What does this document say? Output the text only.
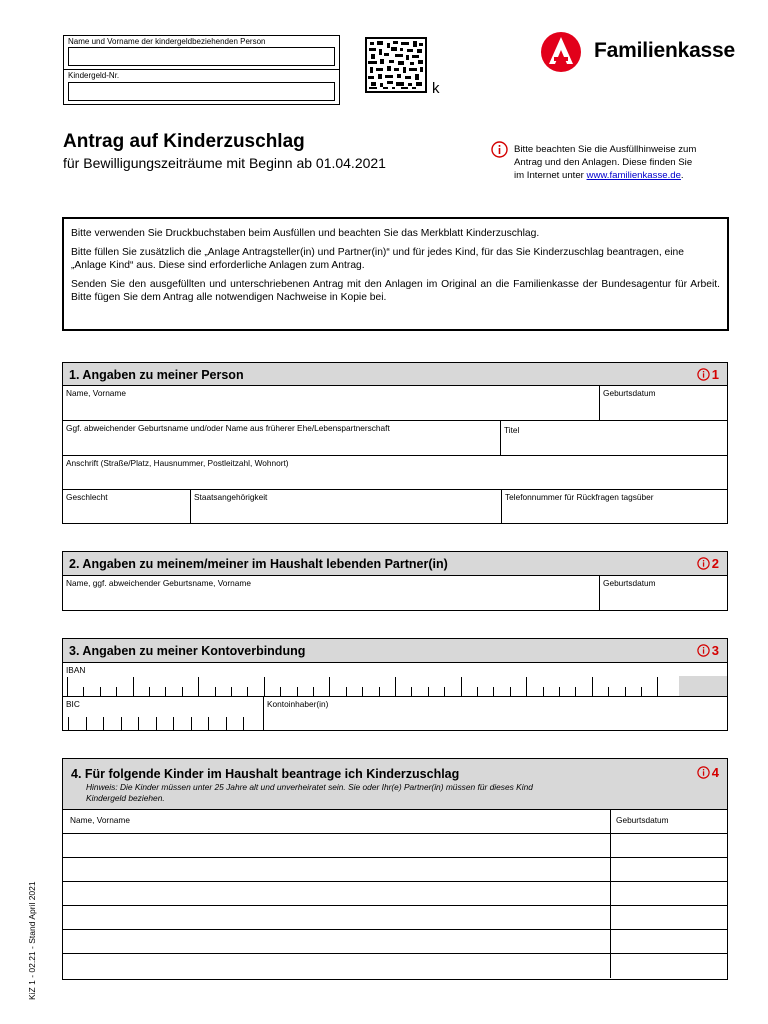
Name und Vorname der kindergeldbeziehenden Person
Kindergeld-Nr.
k
Familienkasse
Antrag auf Kinderzuschlag
für Bewilligungszeiträume mit Beginn ab 01.04.2021
Bitte beachten Sie die Ausfüllhinweise zum
Antrag und den Anlagen. Diese finden Sie
im Internet unter www.familienkasse.de.

Bitte verwenden Sie Druckbuchstaben beim Ausfüllen und beachten Sie das Merkblatt Kinderzuschlag.

Bitte füllen Sie zusätzlich die „Anlage Antragsteller(in) und Partner(in)“ und für jedes Kind, für das Sie Kinderzuschlag beantragen, eine „Anlage Kind“ aus. Diese sind erforderliche Anlagen zum Antrag.

Senden Sie den ausgefüllten und unterschriebenen Antrag mit den Anlagen im Original an die Familienkasse der Bundesagentur für Arbeit. Bitte fügen Sie dem Antrag alle notwendigen Nachweise in Kopie bei.

1. Angaben zu meiner Person	1
Name, Vorname	Geburtsdatum
Ggf. abweichender Geburtsname und/oder Name aus früherer Ehe/Lebenspartnerschaft	Titel
Anschrift (Straße/Platz, Hausnummer, Postleitzahl, Wohnort)
Geschlecht	Staatsangehörigkeit	Telefonnummer für Rückfragen tagsüber
2. Angaben zu meinem/meiner im Haushalt lebenden Partner(in)	2
Name, ggf. abweichender Geburtsname, Vorname	Geburtsdatum
3. Angaben zu meiner Kontoverbindung	3
IBAN
BIC	Kontoinhaber(in)
4. Für folgende Kinder im Haushalt beantrage ich Kinderzuschlag
Hinweis: Die Kinder müssen unter 25 Jahre alt und unverheiratet sein. Sie oder Ihr(e) Partner(in) müssen für dieses Kind
Kindergeld beziehen.
4
Name, Vorname	Geburtsdatum
KiZ 1 - 02.21 - Stand April 2021
